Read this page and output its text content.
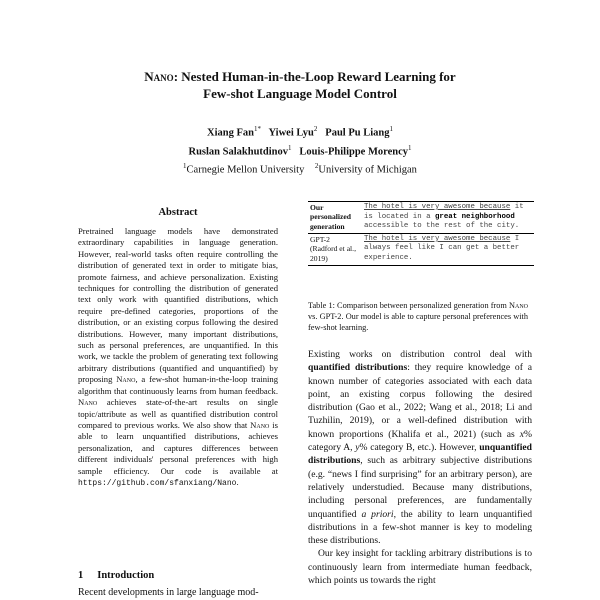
Nano: Nested Human-in-the-Loop Reward Learning for
Few-shot Language Model Control
Xiang Fan$^{1*}$ Yiwei Lyu$^2$ Paul Pu Liang$^1$
Ruslan Salakhutdinov$^1$ Louis-Philippe Morency$^1$
$^1$Carnegie Mellon University $^2$University of Michigan
Abstract
Pretrained language models have demonstrated extraordinary capabilities in language generation. However, real-world tasks often require controlling the distribution of generated text in order to mitigate bias, promote fairness, and achieve personalization. Existing techniques for controlling the distribution of generated text only work with quantified distributions, which require pre-defined categories, proportions of the distribution, or an existing corpus following the desired distributions. However, many important distributions, such as personal preferences, are unquantified. In this work, we tackle the problem of generating text following arbitrary distributions (quantified and unquantified) by proposing Nano, a few-shot human-in-the-loop training algorithm that continuously learns from human feedback. Nano achieves state-of-the-art results on single topic/attribute as well as quantified distribution control compared to previous works. We also show that Nano is able to learn unquantified distributions, achieves personalization, and captures differences between different individuals' personal preferences with high sample efficiency. Our code is available at https://github.com/sfanxiang/Nano.
1 Introduction
Recent developments in large language mod-
Our personalized generation	The hotel is very awesome because it is located in a great neighborhood accessible to the rest of the city.

GPT-2
(Radford et al., 2019)	The hotel is very awesome because I always feel like I can get a better experience.
Table 1: Comparison between personalized generation from Nano vs. GPT-2. Our model is able to capture personal preferences with few-shot learning.

Existing works on distribution control deal with quantified distributions: they require knowledge of a known number of categories associated with each data point, an existing corpus following the desired distribution (Gao et al., 2022; Wang et al., 2018; Li and Tuzhilin, 2019), or a well-defined distribution with known proportions (Khalifa et al., 2021) (such as x% category A, y% category B, etc.). However, unquantified distributions, such as arbitrary subjective distributions (e.g. “news I find surprising” for an arbitrary person), are relatively understudied. Because many distributions, including personal preferences, are fundamentally unquantified a priori, the ability to learn unquantified distributions in a few-shot manner is key to modeling these distributions.

Our key insight for tackling arbitrary distributions is to continuously learn from intermediate human feedback, which points us towards the right
